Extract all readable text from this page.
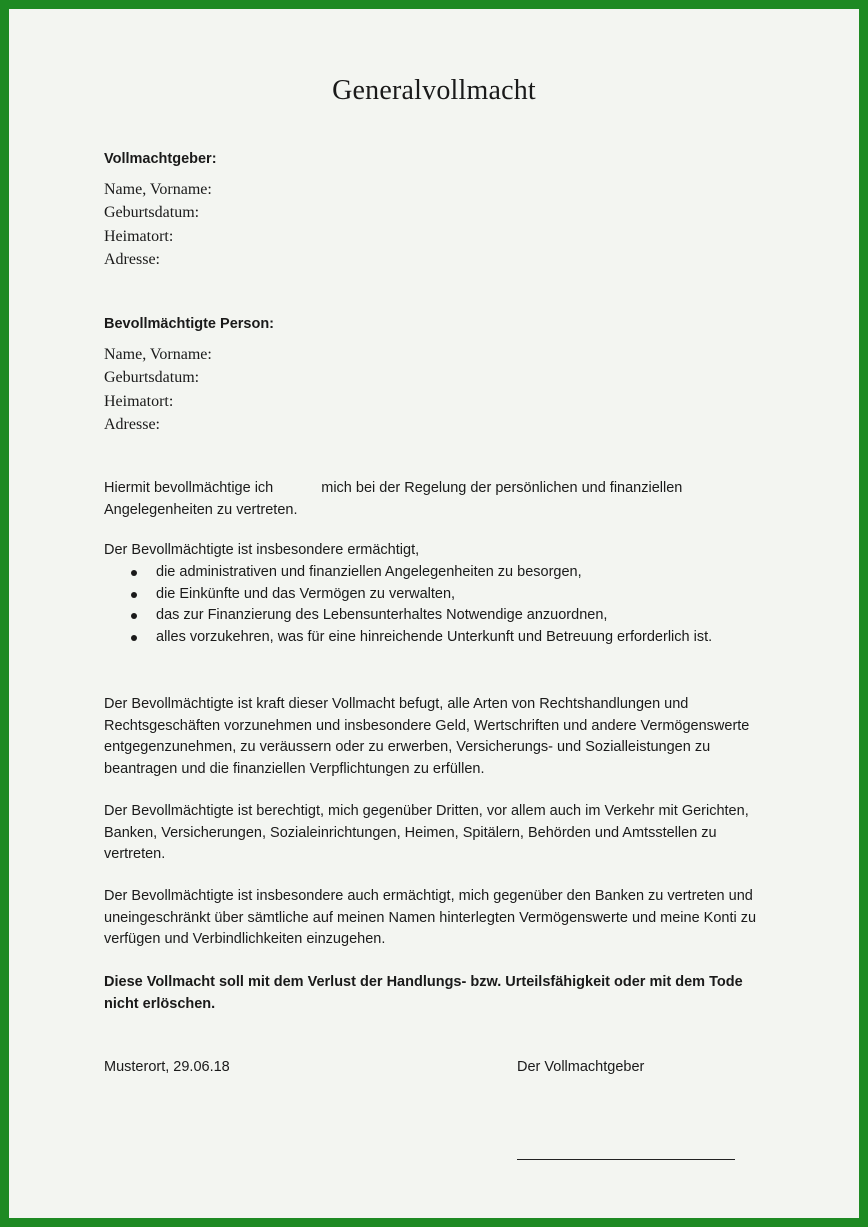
Generalvollmacht
Vollmachtgeber:
Name, Vorname:
Geburtsdatum:
Heimatort:
Adresse:
Bevollmächtigte Person:
Name, Vorname:
Geburtsdatum:
Heimatort:
Adresse:
Hiermit bevollmächtige ich	mich bei der Regelung der persönlichen und finanziellen Angelegenheiten zu vertreten.
Der Bevollmächtigte ist insbesondere ermächtigt,
die administrativen und finanziellen Angelegenheiten zu besorgen,
die Einkünfte und das Vermögen zu verwalten,
das zur Finanzierung des Lebensunterhaltes Notwendige anzuordnen,
alles vorzukehren, was für eine hinreichende Unterkunft und Betreuung erforderlich ist.
Der Bevollmächtigte ist kraft dieser Vollmacht befugt, alle Arten von Rechtshandlungen und Rechtsgeschäften vorzunehmen und insbesondere Geld, Wertschriften und andere Vermögenswerte entgegenzunehmen, zu veräussern oder zu erwerben, Versicherungs- und Sozialleistungen zu beantragen und die finanziellen Verpflichtungen zu erfüllen.
Der Bevollmächtigte ist berechtigt, mich gegenüber Dritten, vor allem auch im Verkehr mit Gerichten, Banken, Versicherungen, Sozialeinrichtungen, Heimen, Spitälern, Behörden und Amtsstellen zu vertreten.
Der Bevollmächtigte ist insbesondere auch ermächtigt, mich gegenüber den Banken zu vertreten und uneingeschränkt über sämtliche auf meinen Namen hinterlegten Vermögenswerte und meine Konti zu verfügen und Verbindlichkeiten einzugehen.
Diese Vollmacht soll mit dem Verlust der Handlungs- bzw. Urteilsfähigkeit oder mit dem Tode nicht erlöschen.
Musterort, 29.06.18	Der Vollmachtgeber
